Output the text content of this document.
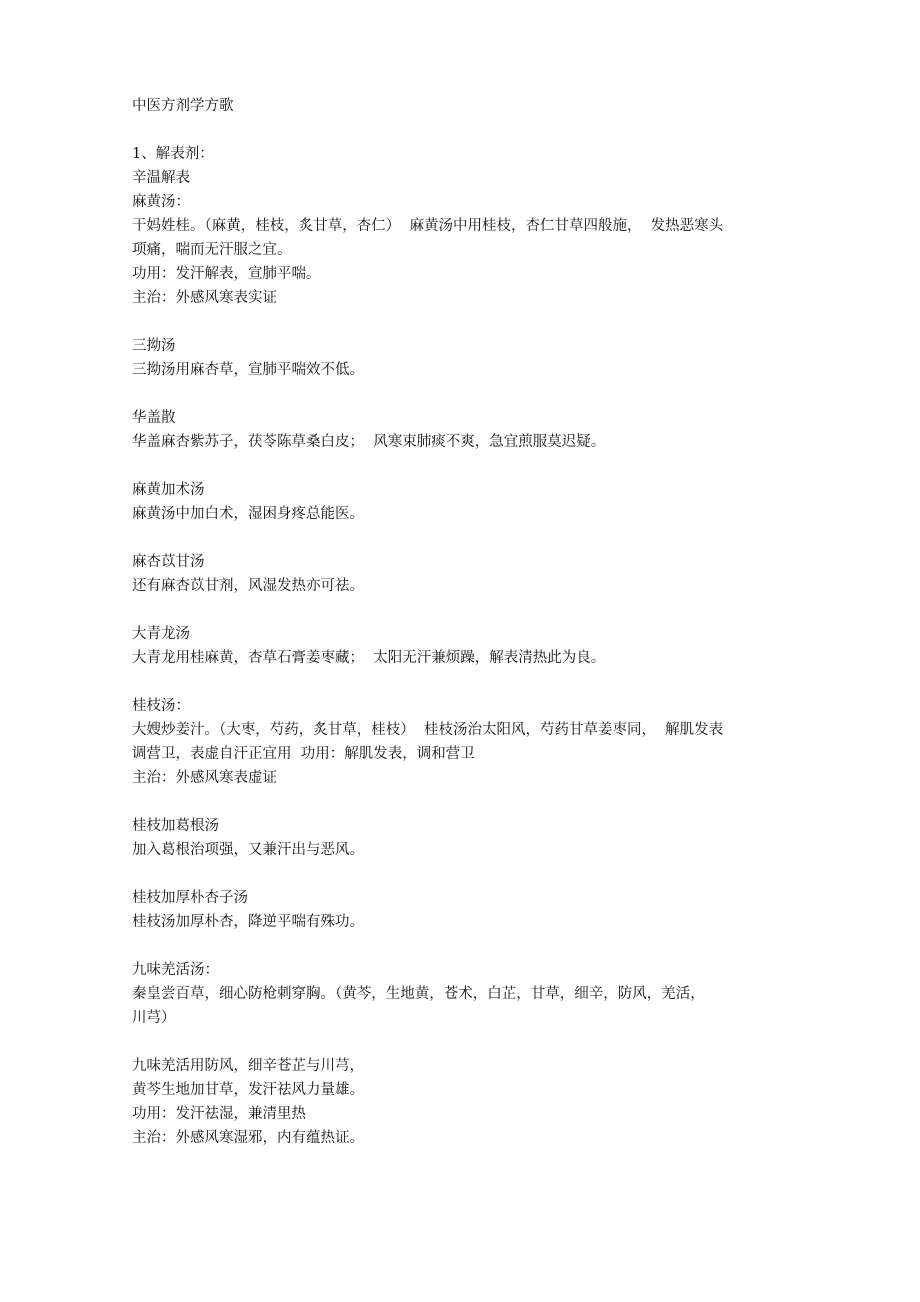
中医方剂学方歌
1、解表剂：
辛温解表
麻黄汤：
干妈姓桂。（麻黄，桂枝，炙甘草，杏仁）  麻黄汤中用桂枝，杏仁甘草四般施，  发热恶寒头
项痛，喘而无汗服之宜。
功用：发汗解表，宣肺平喘。
主治：外感风寒表实证
三拗汤
三拗汤用麻杏草，宣肺平喘效不低。
华盖散
华盖麻杏紫苏子，茯苓陈草桑白皮；  风寒束肺痰不爽，急宜煎服莫迟疑。
麻黄加术汤
麻黄汤中加白术，湿困身疼总能医。
麻杏苡甘汤
还有麻杏苡甘剂，风湿发热亦可祛。
大青龙汤
大青龙用桂麻黄，杏草石膏姜枣藏；  太阳无汗兼烦躁，解表清热此为良。
桂枝汤：
大嫂炒姜汁。（大枣，芍药，炙甘草，桂枝）  桂枝汤治太阳风，芍药甘草姜枣同，  解肌发表
调营卫，表虚自汗正宜用  功用：解肌发表，调和营卫
主治：外感风寒表虚证
桂枝加葛根汤
加入葛根治项强，又兼汗出与恶风。
桂枝加厚朴杏子汤
桂枝汤加厚朴杏，降逆平喘有殊功。
九味羌活汤：
秦皇尝百草，细心防枪刺穿胸。（黄芩，生地黄，苍术，白芷，甘草，细辛，防风，羌活，
川芎）
九味羌活用防风，细辛苍芷与川芎，
黄芩生地加甘草，发汗祛风力量雄。
功用：发汗祛湿，兼清里热
主治：外感风寒湿邪，内有蕴热证。
